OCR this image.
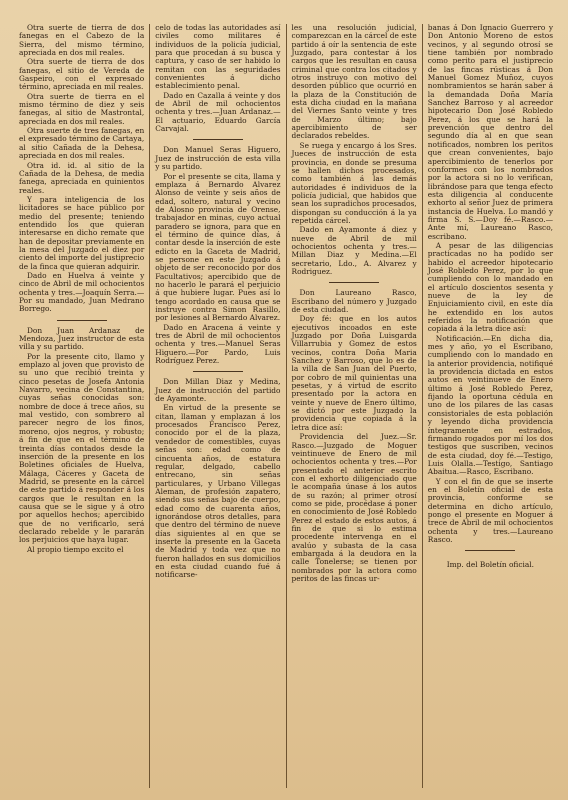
Otra suerte de tierra de dos fanegas en el Cabezo de la Sierra, del mismo término, apreciada en dos mil reales.

Otra suerte de tierra de dos fanegas, el sitio de Vereda de Gaspeiro, con el expresado término, apreciada en mil reales.

Otra suerte de tierra en el mismo término de diez y seis fanegas, al sitio de Mastrontal, apreciada en dos mil reales.

Otra suerte de tres fanegas, en el expresado término de Cartaya, al sitio Cañada de la Dehesa, apreciada en dos mil reales.

Otra id. id. al sitio de la Cañada de la Dehesa, de media fanega, apreciada en quinientos reales.

Y para inteligencia de los licitadores se hace público por medio del presente; teniendo entendido los que quieran interesarse en dicho remate que han de depositar previamente en la mesa del Juzgado el diez por ciento del importe del justiprecio de la finca que quieran adquirir.

Dado en Huelva á veinte y cinco de Abril de mil ochocientos ochenta y tres.—Joaquín Serra.—Por su mandado, Juan Medrano Borrego.

Don Juan Ardanaz de Mendoza, Juez instructor de esta villa y su partido.

Por la presente cito, llamo y emplazo al joven que provisto de su uno que recibió treinta y cinco pesetas de Josefa Antonia Navarro, vecina de Constantina, cuyas señas conocidas son: nombre de doce á trece años, su mal vestido, con sombrero al parecer negro de los finos, moreno, ojos negros, y robusto; á fin de que en el término de treinta días contados desde la inserción de la presente en los Boletines oficiales de Huelva, Málaga, Cáceres y Gaceta de Madrid, se presente en la cárcel de este partido á responder á los cargos que le resultan en la causa que se le sigue y á otro por aquellos hechos; apercibido que de no verificarlo, será declarado rebelde y le pararán los perjuicios que haya lugar.

Al propio tiempo excito el

celo de todas las autoridades así civiles como militares é individuos de la policía judicial, para que procedan á su busca y captura, y caso de ser habido lo remitan con las seguridades convenientes á dicho establecimiento penal.

Dado en Cazalla á veinte y dos de Abril de mil ochocientos ochenta y tres.—Juan Ardanaz.—El actuario, Eduardo García Carvajal.

Don Manuel Seras Higuero, Juez de instrucción de esta villa y su partido.

Por el presente se cita, llama y emplaza á Bernardo Alvarez Alonso de veinte y seis años de edad, soltero, natural y vecino de Alosno provincia de Orense, trabajador en minas, cuyo actual paradero se ignora, para que en el término de quince días, á contar desde la inserción de este edicto en la Gaceta de Madrid, se persone en este Juzgado á objeto de ser reconocido por dos Facultativos; apercibido que de no hacerlo le parará el perjuicio á que hubiere lugar. Pues así lo tengo acordado en causa que se instruye contra Simon Rasillo, por lesiones al Bernardo Alvarez.

Dado en Aracena á veinte y tres de Abril de mil ochocientos ochenta y tres.—Manuel Seras Higuero.—Por Pardo, Luis Rodríguez Perez.

Don Millan Diaz y Medina, Juez de instrucción del partido de Ayamonte.

En virtud de la presente se citan, llaman y emplazan á los procesados Francisco Perez, conocido por el de la plaza, vendedor de comestibles, cuyas señas son: edad como de cincuenta años, de estatura regular, delgado, cabello entrecano, sin señas particulares, y Urbano Villegas Aleman, de profesión zapatero, siendo sus señas bajo de cuerpo, edad como de cuarenta años, ignorándose otros detalles, para que dentro del término de nueve días siguientes al en que se inserte la presente en la Gaceta de Madrid y toda vez que no fueron hallados en sus domicilios en esta ciudad cuando fué á notificarse-

les una resolución judicial, comparezcan en la cárcel de este partido á oír la sentencia de este Juzgado, para contestar á los cargos que les resultan en causa criminal que contra los citados y otros instruyo con motivo del desorden público que ocurrió en la plaza de la Constitución de esta dicha ciudad en la mañana del Viernes Santo veinte y tres de Marzo último; bajo apercibimiento de ser declarados rebeldes.

Se ruega y encargo á los Sres. Jueces de instrucción de esta provincia, en donde se presuma se hallen dichos procesados, como también á las demás autoridades é individuos de la policía judicial, que habidos que sean los supradichos procesados, dispongan su conducción á la ya repetida cárcel.

Dado en Ayamonte á diez y nueve de Abril de mil ochocientos ochenta y tres.—Millan Diaz y Medina.—El secretario, Ldo., A. Alvarez y Rodriguez.

Don Laureano Rasco, Escribano del número y Juzgado de esta ciudad.

Doy fé: que en los autos ejecutivos incoados en este Juzgado por Doña Luisgarda Villarrubia y Gomez de estos vecinos, contra Doña Maria Sanchez y Barroso, que lo es de la villa de San Juan del Puerto, por cobro de mil quinientas una pesetas, y á virtud de escrito presentado por la actora en veinte y nueve de Enero último, se dictó por este Juzgado la providencia que copiada á la letra dice así:

Providencia del Juez.—Sr. Rasco.—Juzgado de Moguer veintinueve de Enero de mil ochocientos ochenta y tres.—Por presentado el anterior escrito con el exhorto diligenciado que le acompaña únase á los autos de su razón; al primer otrosí como se pide, procédase á poner en conocimiento de José Robledo Perez el estado de estos autos, á fin de que si lo estima procedente intervenga en el avalúo y subasta de la casa embargada á la deudora en la calle Tonelerse; se tienen por nombrados por la actora como peritos de las fincas ur-

banas á Don Ignacio Guerrero y Don Antonio Moreno de estos vecinos, y al segundo otrosí se tiene también por nombrado como perito para el justiprecio de las fincas rústicas á Don Manuel Gomez Muñoz, cuyos nombramientos se harán saber á la demandada Doña María Sanchez Barroso y al acreedor hipotecario Don José Robledo Perez, á los que se hará la prevención que dentro del segundo día al en que sean notificados, nombren los peritos que crean convenientes, bajo apercibimiento de tenerlos por conformes con los nombrados por la actora si no lo verifican, librándose para que tenga efecto esta diligencia al conducente exhorto al señor Juez de primera instancia de Huelva. Lo mandó y firma S. S.—Doy fé.—Rasco.—Ante mí, Laureano Rasco, escribano.

A pesar de las diligencias practicadas no ha podido ser habido el acreedor hipotecario José Robledo Perez, por lo que cumpliendo con lo mandado en el artículo doscientos sesenta y nueve de la ley de Enjuiciamiento civil, en este día he extendido en los autos referidos la notificación que copiada á la letra dice así:

Notificación.—En dicha dia, mes y año, yo el Escribano, cumpliendo con lo mandado en la anterior providencia, notifiqué la providencia dictada en estos autos en veintinueve de Enero último á José Robledo Perez, fijando la oportuna cédula en uno de los pilares de las casas consistoriales de esta población y leyendo dicha providencia íntegramente en estrados, firmando rogados por mí los dos testigos que suscriben, vecinos de esta ciudad, doy fé.—Testigo, Luis Olalla.—Testigo, Santiago Abaitua.—Rasco, Escribano.

Y con el fin de que se inserte en el Boletín oficial de esta provincia, conforme se determina en dicho artículo, pongo el presente en Moguer á trece de Abril de mil ochocientos ochenta y tres.—Laureano Rasco.

Imp. del Boletín oficial.
